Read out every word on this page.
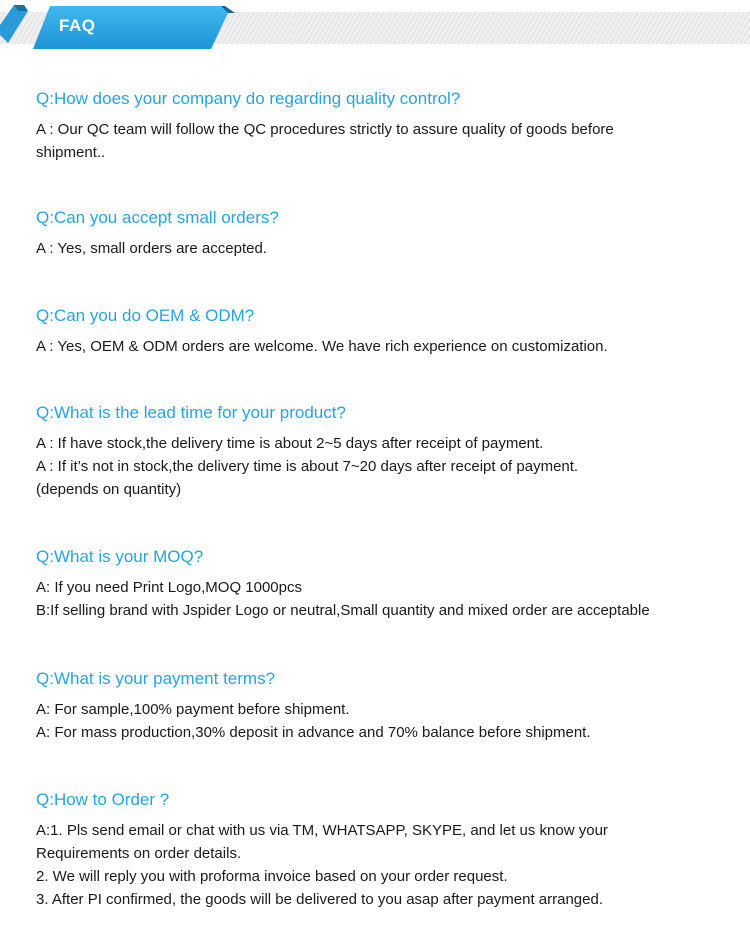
FAQ

Q:How does your company do regarding quality control?

A : Our QC team will follow the QC procedures strictly to assure quality of goods before
shipment..

Q:Can you accept small orders?

A : Yes, small orders are accepted.

Q:Can you do OEM & ODM?

A : Yes, OEM & ODM orders are welcome. We have rich experience on customization.

Q:What is the lead time for your product?

A : If have stock,the delivery time is about 2~5 days after receipt of payment.
A : If it’s not in stock,the delivery time is about 7~20 days after receipt of payment.
(depends on quantity)

Q:What is your MOQ?

A: If you need Print Logo,MOQ 1000pcs
B:If selling brand with Jspider Logo or neutral,Small quantity and mixed order are acceptable

Q:What is your payment terms?

A: For sample,100% payment before shipment.
A: For mass production,30% deposit in advance and 70% balance before shipment.

Q:How to Order ?

A:1. Pls send email or chat with us via TM, WHATSAPP, SKYPE, and let us know your
Requirements on order details.
2. We will reply you with proforma invoice based on your order request.
3. After PI confirmed, the goods will be delivered to you asap after payment arranged.
